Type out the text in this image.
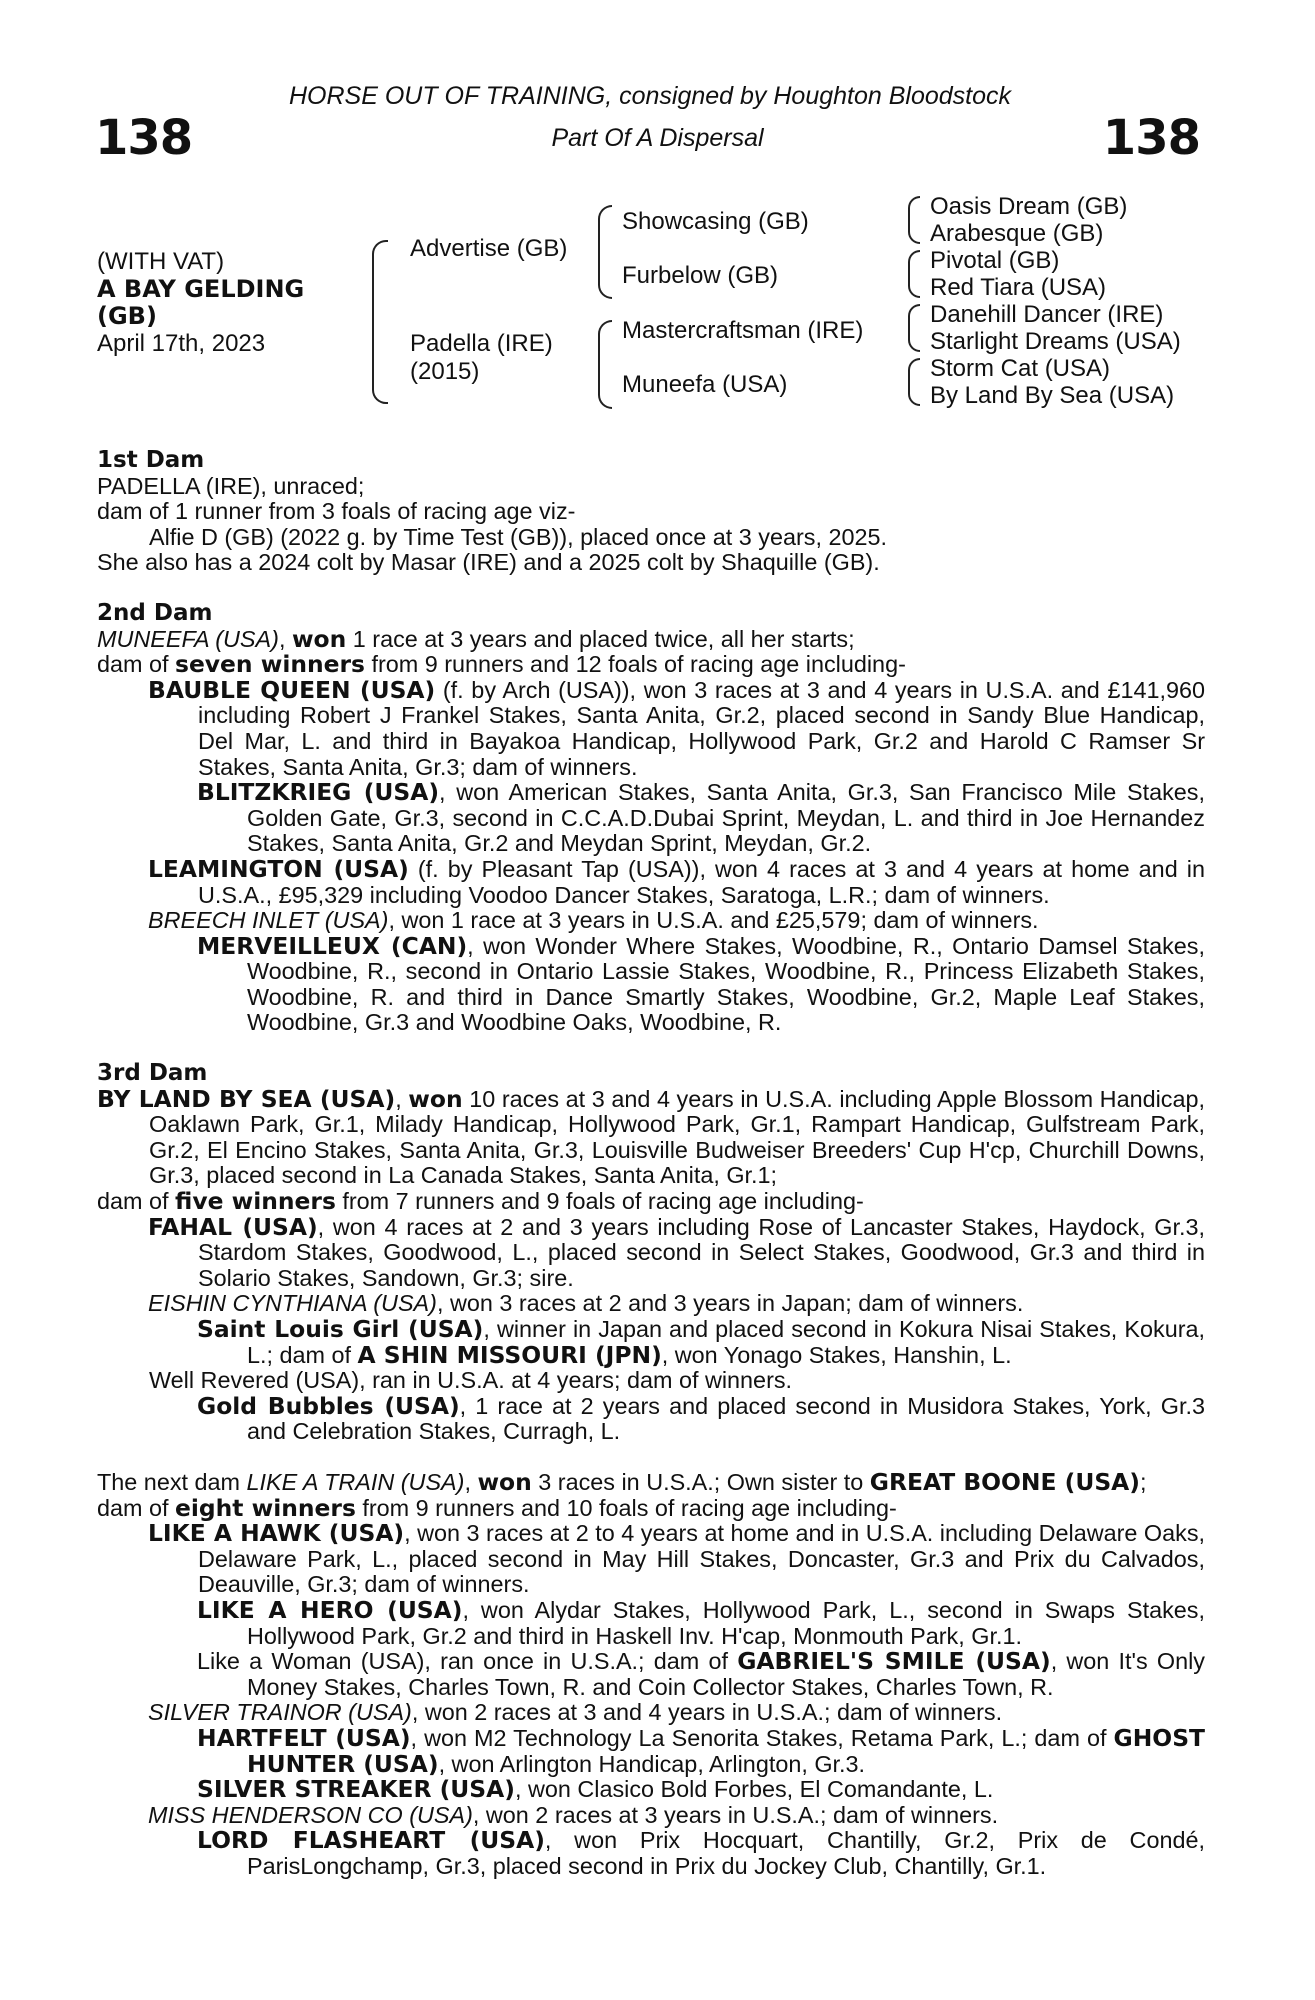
138	138
HORSE OUT OF TRAINING, consigned by Houghton Bloodstock
Part Of A Dispersal
(WITH VAT)
A BAY GELDING
(GB)
April 17th, 2023
Advertise (GB)
Padella (IRE)
(2015)
Showcasing (GB)
Furbelow (GB)
Mastercraftsman (IRE)
Muneefa (USA)
Oasis Dream (GB)
Arabesque (GB)
Pivotal (GB)
Red Tiara (USA)
Danehill Dancer (IRE)
Starlight Dreams (USA)
Storm Cat (USA)
By Land By Sea (USA)

1st Dam

PADELLA (IRE), unraced;

dam of 1 runner from 3 foals of racing age viz-

Alfie D (GB) (2022 g. by Time Test (GB)), placed once at 3 years, 2025.

She also has a 2024 colt by Masar (IRE) and a 2025 colt by Shaquille (GB).

2nd Dam

MUNEEFA (USA), won 1 race at 3 years and placed twice, all her starts;

dam of seven winners from 9 runners and 12 foals of racing age including-

BAUBLE QUEEN (USA) (f. by Arch (USA)), won 3 races at 3 and 4 years in U.S.A. and £141,960 including Robert J Frankel Stakes, Santa Anita, Gr.2, placed second in Sandy Blue Handicap, Del Mar, L. and third in Bayakoa Handicap, Hollywood Park, Gr.2 and Harold C Ramser Sr Stakes, Santa Anita, Gr.3; dam of winners.

BLITZKRIEG (USA), won American Stakes, Santa Anita, Gr.3, San Francisco Mile Stakes, Golden Gate, Gr.3, second in C.C.A.D.Dubai Sprint, Meydan, L. and third in Joe Hernandez Stakes, Santa Anita, Gr.2 and Meydan Sprint, Meydan, Gr.2.

LEAMINGTON (USA) (f. by Pleasant Tap (USA)), won 4 races at 3 and 4 years at home and in U.S.A., £95,329 including Voodoo Dancer Stakes, Saratoga, L.R.; dam of winners.

BREECH INLET (USA), won 1 race at 3 years in U.S.A. and £25,579; dam of winners.

MERVEILLEUX (CAN), won Wonder Where Stakes, Woodbine, R., Ontario Damsel Stakes, Woodbine, R., second in Ontario Lassie Stakes, Woodbine, R., Princess Elizabeth Stakes, Woodbine, R. and third in Dance Smartly Stakes, Woodbine, Gr.2, Maple Leaf Stakes, Woodbine, Gr.3 and Woodbine Oaks, Woodbine, R.

3rd Dam

BY LAND BY SEA (USA), won 10 races at 3 and 4 years in U.S.A. including Apple Blossom Handicap, Oaklawn Park, Gr.1, Milady Handicap, Hollywood Park, Gr.1, Rampart Handicap, Gulfstream Park, Gr.2, El Encino Stakes, Santa Anita, Gr.3, Louisville Budweiser Breeders' Cup H'cp, Churchill Downs, Gr.3, placed second in La Canada Stakes, Santa Anita, Gr.1;

dam of five winners from 7 runners and 9 foals of racing age including-

FAHAL (USA), won 4 races at 2 and 3 years including Rose of Lancaster Stakes, Haydock, Gr.3, Stardom Stakes, Goodwood, L., placed second in Select Stakes, Goodwood, Gr.3 and third in Solario Stakes, Sandown, Gr.3; sire.

EISHIN CYNTHIANA (USA), won 3 races at 2 and 3 years in Japan; dam of winners.

Saint Louis Girl (USA), winner in Japan and placed second in Kokura Nisai Stakes, Kokura, L.; dam of A SHIN MISSOURI (JPN), won Yonago Stakes, Hanshin, L.

Well Revered (USA), ran in U.S.A. at 4 years; dam of winners.

Gold Bubbles (USA), 1 race at 2 years and placed second in Musidora Stakes, York, Gr.3 and Celebration Stakes, Curragh, L.

The next dam LIKE A TRAIN (USA), won 3 races in U.S.A.; Own sister to GREAT BOONE (USA);

dam of eight winners from 9 runners and 10 foals of racing age including-

LIKE A HAWK (USA), won 3 races at 2 to 4 years at home and in U.S.A. including Delaware Oaks, Delaware Park, L., placed second in May Hill Stakes, Doncaster, Gr.3 and Prix du Calvados, Deauville, Gr.3; dam of winners.

LIKE A HERO (USA), won Alydar Stakes, Hollywood Park, L., second in Swaps Stakes, Hollywood Park, Gr.2 and third in Haskell Inv. H'cap, Monmouth Park, Gr.1.

Like a Woman (USA), ran once in U.S.A.; dam of GABRIEL'S SMILE (USA), won It's Only Money Stakes, Charles Town, R. and Coin Collector Stakes, Charles Town, R.

SILVER TRAINOR (USA), won 2 races at 3 and 4 years in U.S.A.; dam of winners.

HARTFELT (USA), won M2 Technology La Senorita Stakes, Retama Park, L.; dam of GHOST HUNTER (USA), won Arlington Handicap, Arlington, Gr.3.

SILVER STREAKER (USA), won Clasico Bold Forbes, El Comandante, L.

MISS HENDERSON CO (USA), won 2 races at 3 years in U.S.A.; dam of winners.

LORD FLASHEART (USA), won Prix Hocquart, Chantilly, Gr.2, Prix de Condé, ParisLongchamp, Gr.3, placed second in Prix du Jockey Club, Chantilly, Gr.1.
